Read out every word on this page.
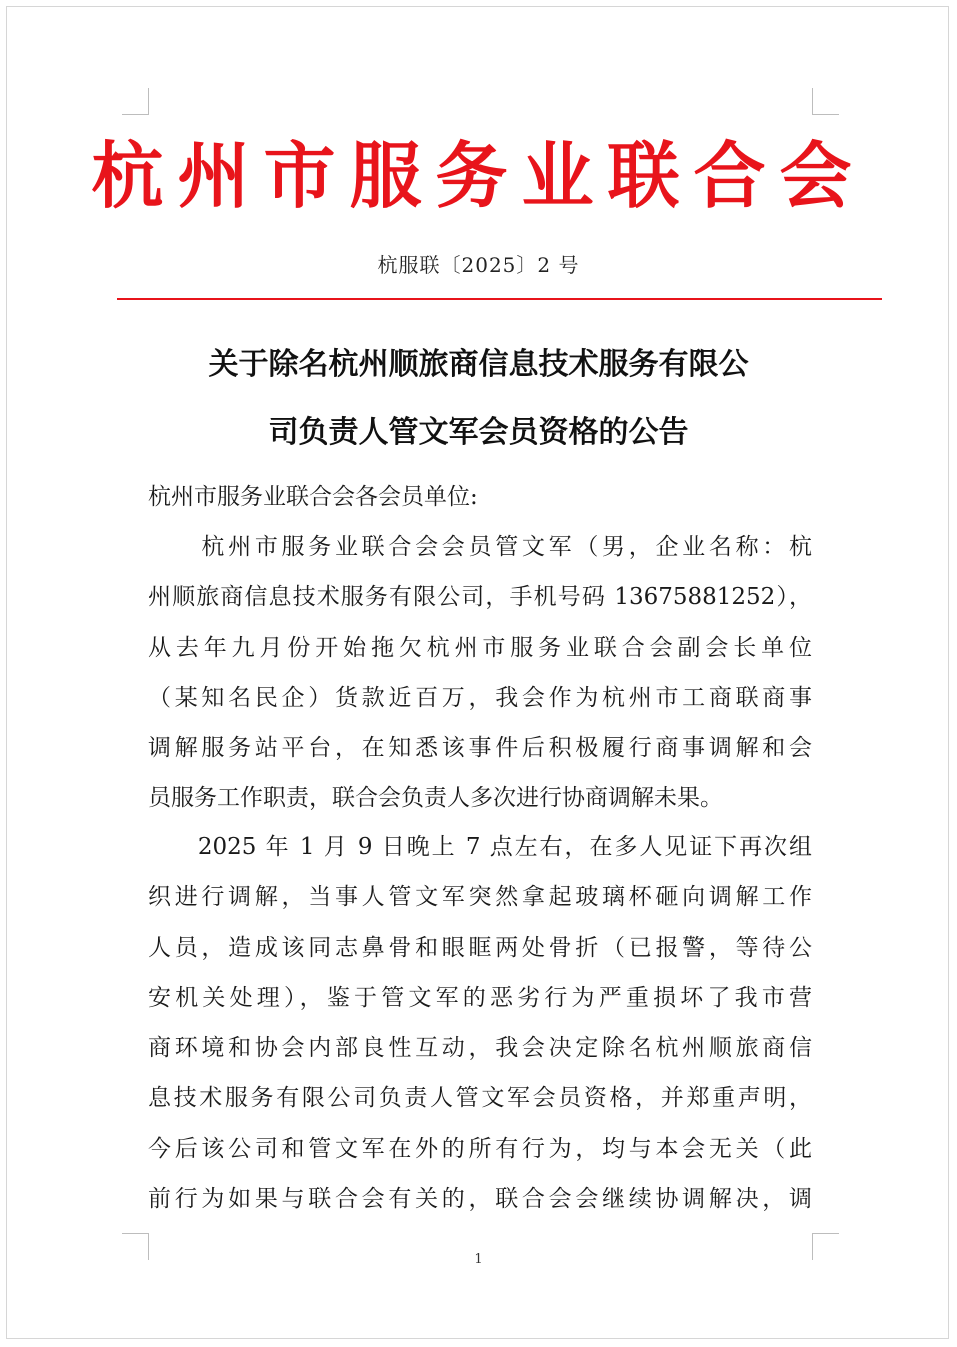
杭州市服务业联合会
杭服联〔2025〕2 号
关于除名杭州顺旅商信息技术服务有限公
司负责人管文军会员资格的公告
杭州市服务业联合会各会员单位:
　　杭州市服务业联合会会员管文军（男，企业名称：杭
州顺旅商信息技术服务有限公司，手机号码 13675881252），
从去年九月份开始拖欠杭州市服务业联合会副会长单位
（某知名民企）货款近百万，我会作为杭州市工商联商事
调解服务站平台，在知悉该事件后积极履行商事调解和会
员服务工作职责，联合会负责人多次进行协商调解未果。
　　2025 年 1 月 9 日晚上 7 点左右，在多人见证下再次组
织进行调解，当事人管文军突然拿起玻璃杯砸向调解工作
人员，造成该同志鼻骨和眼眶两处骨折（已报警，等待公
安机关处理），鉴于管文军的恶劣行为严重损坏了我市营
商环境和协会内部良性互动，我会决定除名杭州顺旅商信
息技术服务有限公司负责人管文军会员资格，并郑重声明，
今后该公司和管文军在外的所有行为，均与本会无关（此
前行为如果与联合会有关的，联合会会继续协调解决，调
1
